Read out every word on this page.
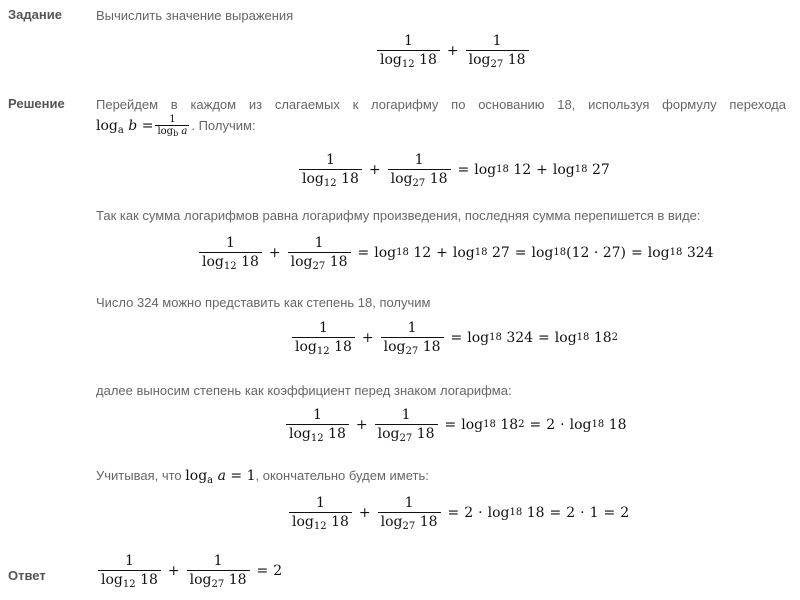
Задание	Вычислить значение выражения
$\frac{1}{\log_{12} 18} + \frac{1}{\log_{27} 18}$
Решение Перейдем в каждом из слагаемых к логарифму по основанию 18, используя формулу перехода
$\log_a b = \frac{1}{\log_b a}$ . Получим:
$\frac{1}{\log_{12} 18} + \frac{1}{\log_{27} 18} = \log 18$
12 + log 18
27
Так как сумма логарифмов равна логарифму произведения, последняя сумма перепишется в виде:
$\frac{1}{\log_{12} 18} + \frac{1}{\log_{27} 18} = \log 18$
12 + log 18
27 = log 18 (12 · 27) = log 18
324
Число 324 можно представить как степень 18, получим
$\frac{1}{\log_{12} 18} + \frac{1}{\log_{27} 18} = \log 18$
324 = log 18
18 2
далее выносим степень как коэффициент перед знаком логарифма:
$\frac{1}{\log_{12} 18} + \frac{1}{\log_{27} 18} = \log 18$
18 2 = 2 · log 18
18
Учитывая, что
$\log_a a = 1$ , окончательно будем иметь:
$\frac{1}{\log_{12} 18} + \frac{1}{\log_{27} 18} = 2 \cdot \log 18$
18 = 2 · 1 = 2
Ответ	$\frac{1}{\log_{12} 18} + \frac{1}{\log_{27} 18} = 2$
